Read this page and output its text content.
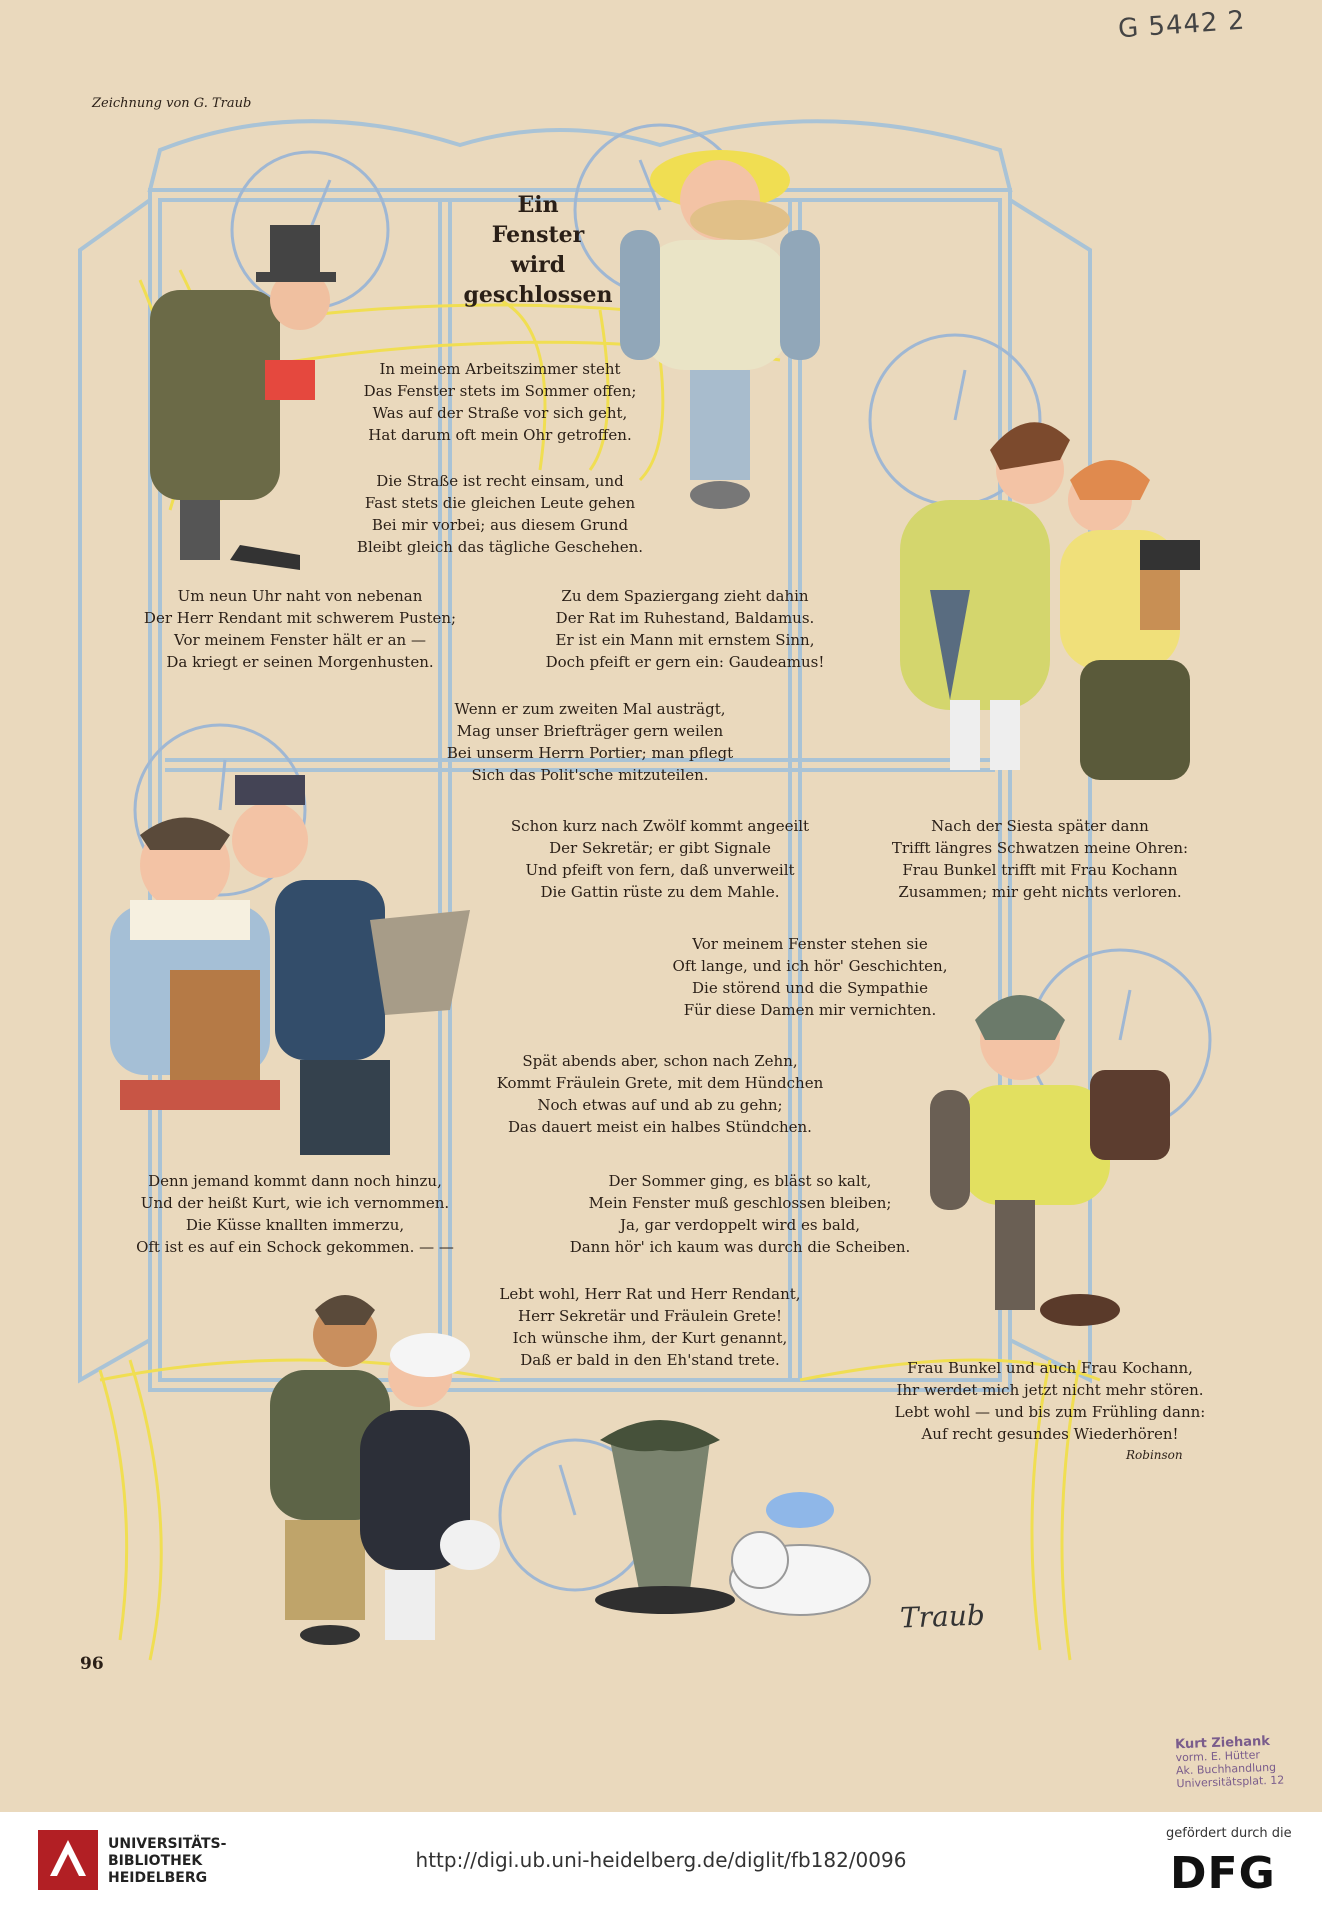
Zeichnung von G. Traub
G 5442 2
Ein
Fenster
wird
geschlossen
In meinem Arbeitszimmer steht
Das Fenster stets im Sommer offen;
Was auf der Straße vor sich geht,
Hat darum oft mein Ohr getroffen.
Die Straße ist recht einsam, und
Fast stets die gleichen Leute gehen
Bei mir vorbei; aus diesem Grund
Bleibt gleich das tägliche Geschehen.
Um neun Uhr naht von nebenan
Der Herr Rendant mit schwerem Pusten;
Vor meinem Fenster hält er an —
Da kriegt er seinen Morgenhusten.
Zu dem Spaziergang zieht dahin
Der Rat im Ruhestand, Baldamus.
Er ist ein Mann mit ernstem Sinn,
Doch pfeift er gern ein: Gaudeamus!
Wenn er zum zweiten Mal austrägt,
Mag unser Briefträger gern weilen
Bei unserm Herrn Portier; man pflegt
Sich das Polit'sche mitzuteilen.
Schon kurz nach Zwölf kommt angeeilt
Der Sekretär; er gibt Signale
Und pfeift von fern, daß unverweilt
Die Gattin rüste zu dem Mahle.
Nach der Siesta später dann
Trifft längres Schwatzen meine Ohren:
Frau Bunkel trifft mit Frau Kochann
Zusammen; mir geht nichts verloren.
Vor meinem Fenster stehen sie
Oft lange, und ich hör' Geschichten,
Die störend und die Sympathie
Für diese Damen mir vernichten.
Spät abends aber, schon nach Zehn,
Kommt Fräulein Grete, mit dem Hündchen
Noch etwas auf und ab zu gehn;
Das dauert meist ein halbes Stündchen.
Denn jemand kommt dann noch hinzu,
Und der heißt Kurt, wie ich vernommen.
Die Küsse knallten immerzu,
Oft ist es auf ein Schock gekommen. — —
Der Sommer ging, es bläst so kalt,
Mein Fenster muß geschlossen bleiben;
Ja, gar verdoppelt wird es bald,
Dann hör' ich kaum was durch die Scheiben.
Lebt wohl, Herr Rat und Herr Rendant,
Herr Sekretär und Fräulein Grete!
Ich wünsche ihm, der Kurt genannt,
Daß er bald in den Eh'stand trete.	Frau Bunkel und auch Frau Kochann,
Ihr werdet mich jetzt nicht mehr stören.
Lebt wohl — und bis zum Frühling dann:
Auf recht gesundes Wiederhören!
Robinson
96
Traub
Kurt Ziehank
vorm. E. Hütter
Ak. Buchhandlung
Universitätsplat. 12
UNIVERSITÄTS-
BIBLIOTHEK
HEIDELBERG
http://digi.ub.uni-heidelberg.de/diglit/fb182/0096
gefördert durch die
DFG
